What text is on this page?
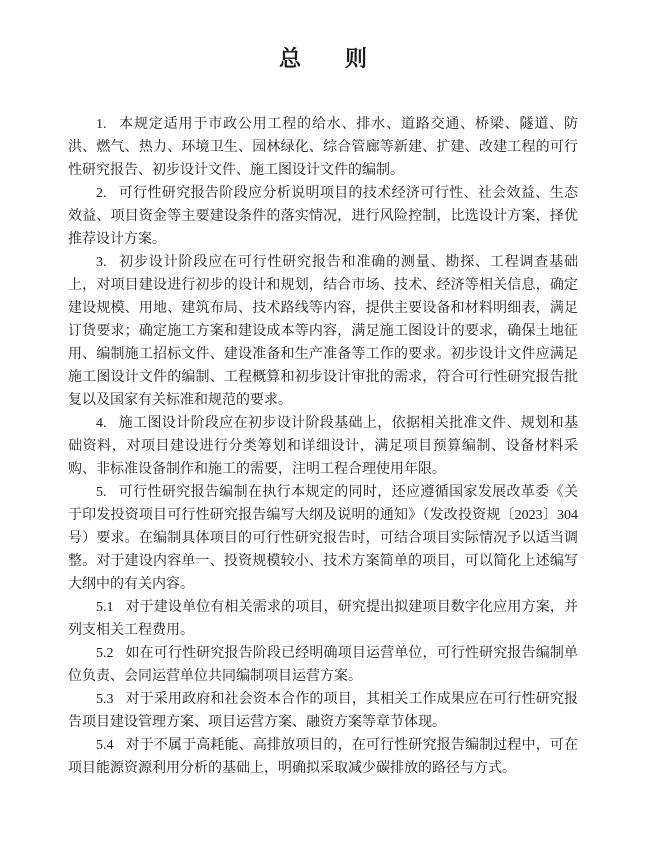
总　　则

1. 本规定适用于市政公用工程的给水、排水、道路交通、桥梁、隧道、防洪、燃气、热力、环境卫生、园林绿化、综合管廊等新建、扩建、改建工程的可行性研究报告、初步设计文件、施工图设计文件的编制。

2. 可行性研究报告阶段应分析说明项目的技术经济可行性、社会效益、生态效益、项目资金等主要建设条件的落实情况，进行风险控制，比选设计方案，择优推荐设计方案。

3. 初步设计阶段应在可行性研究报告和准确的测量、勘探、工程调查基础上，对项目建设进行初步的设计和规划，结合市场、技术、经济等相关信息，确定建设规模、用地、建筑布局、技术路线等内容，提供主要设备和材料明细表，满足订货要求；确定施工方案和建设成本等内容，满足施工图设计的要求，确保土地征用、编制施工招标文件、建设准备和生产准备等工作的要求。初步设计文件应满足施工图设计文件的编制、工程概算和初步设计审批的需求，符合可行性研究报告批复以及国家有关标准和规范的要求。

4. 施工图设计阶段应在初步设计阶段基础上，依据相关批准文件、规划和基础资料，对项目建设进行分类筹划和详细设计，满足项目预算编制、设备材料采购、非标准设备制作和施工的需要，注明工程合理使用年限。

5. 可行性研究报告编制在执行本规定的同时，还应遵循国家发展改革委《关于印发投资项目可行性研究报告编写大纲及说明的通知》（发改投资规〔2023〕304 号）要求。在编制具体项目的可行性研究报告时，可结合项目实际情况予以适当调整。对于建设内容单一、投资规模较小、技术方案简单的项目，可以简化上述编写大纲中的有关内容。

5.1 对于建设单位有相关需求的项目，研究提出拟建项目数字化应用方案，并列支相关工程费用。

5.2 如在可行性研究报告阶段已经明确项目运营单位，可行性研究报告编制单位负责、会同运营单位共同编制项目运营方案。

5.3 对于采用政府和社会资本合作的项目，其相关工作成果应在可行性研究报告项目建设管理方案、项目运营方案、融资方案等章节体现。

5.4 对于不属于高耗能、高排放项目的，在可行性研究报告编制过程中，可在项目能源资源利用分析的基础上，明确拟采取减少碳排放的路径与方式。
